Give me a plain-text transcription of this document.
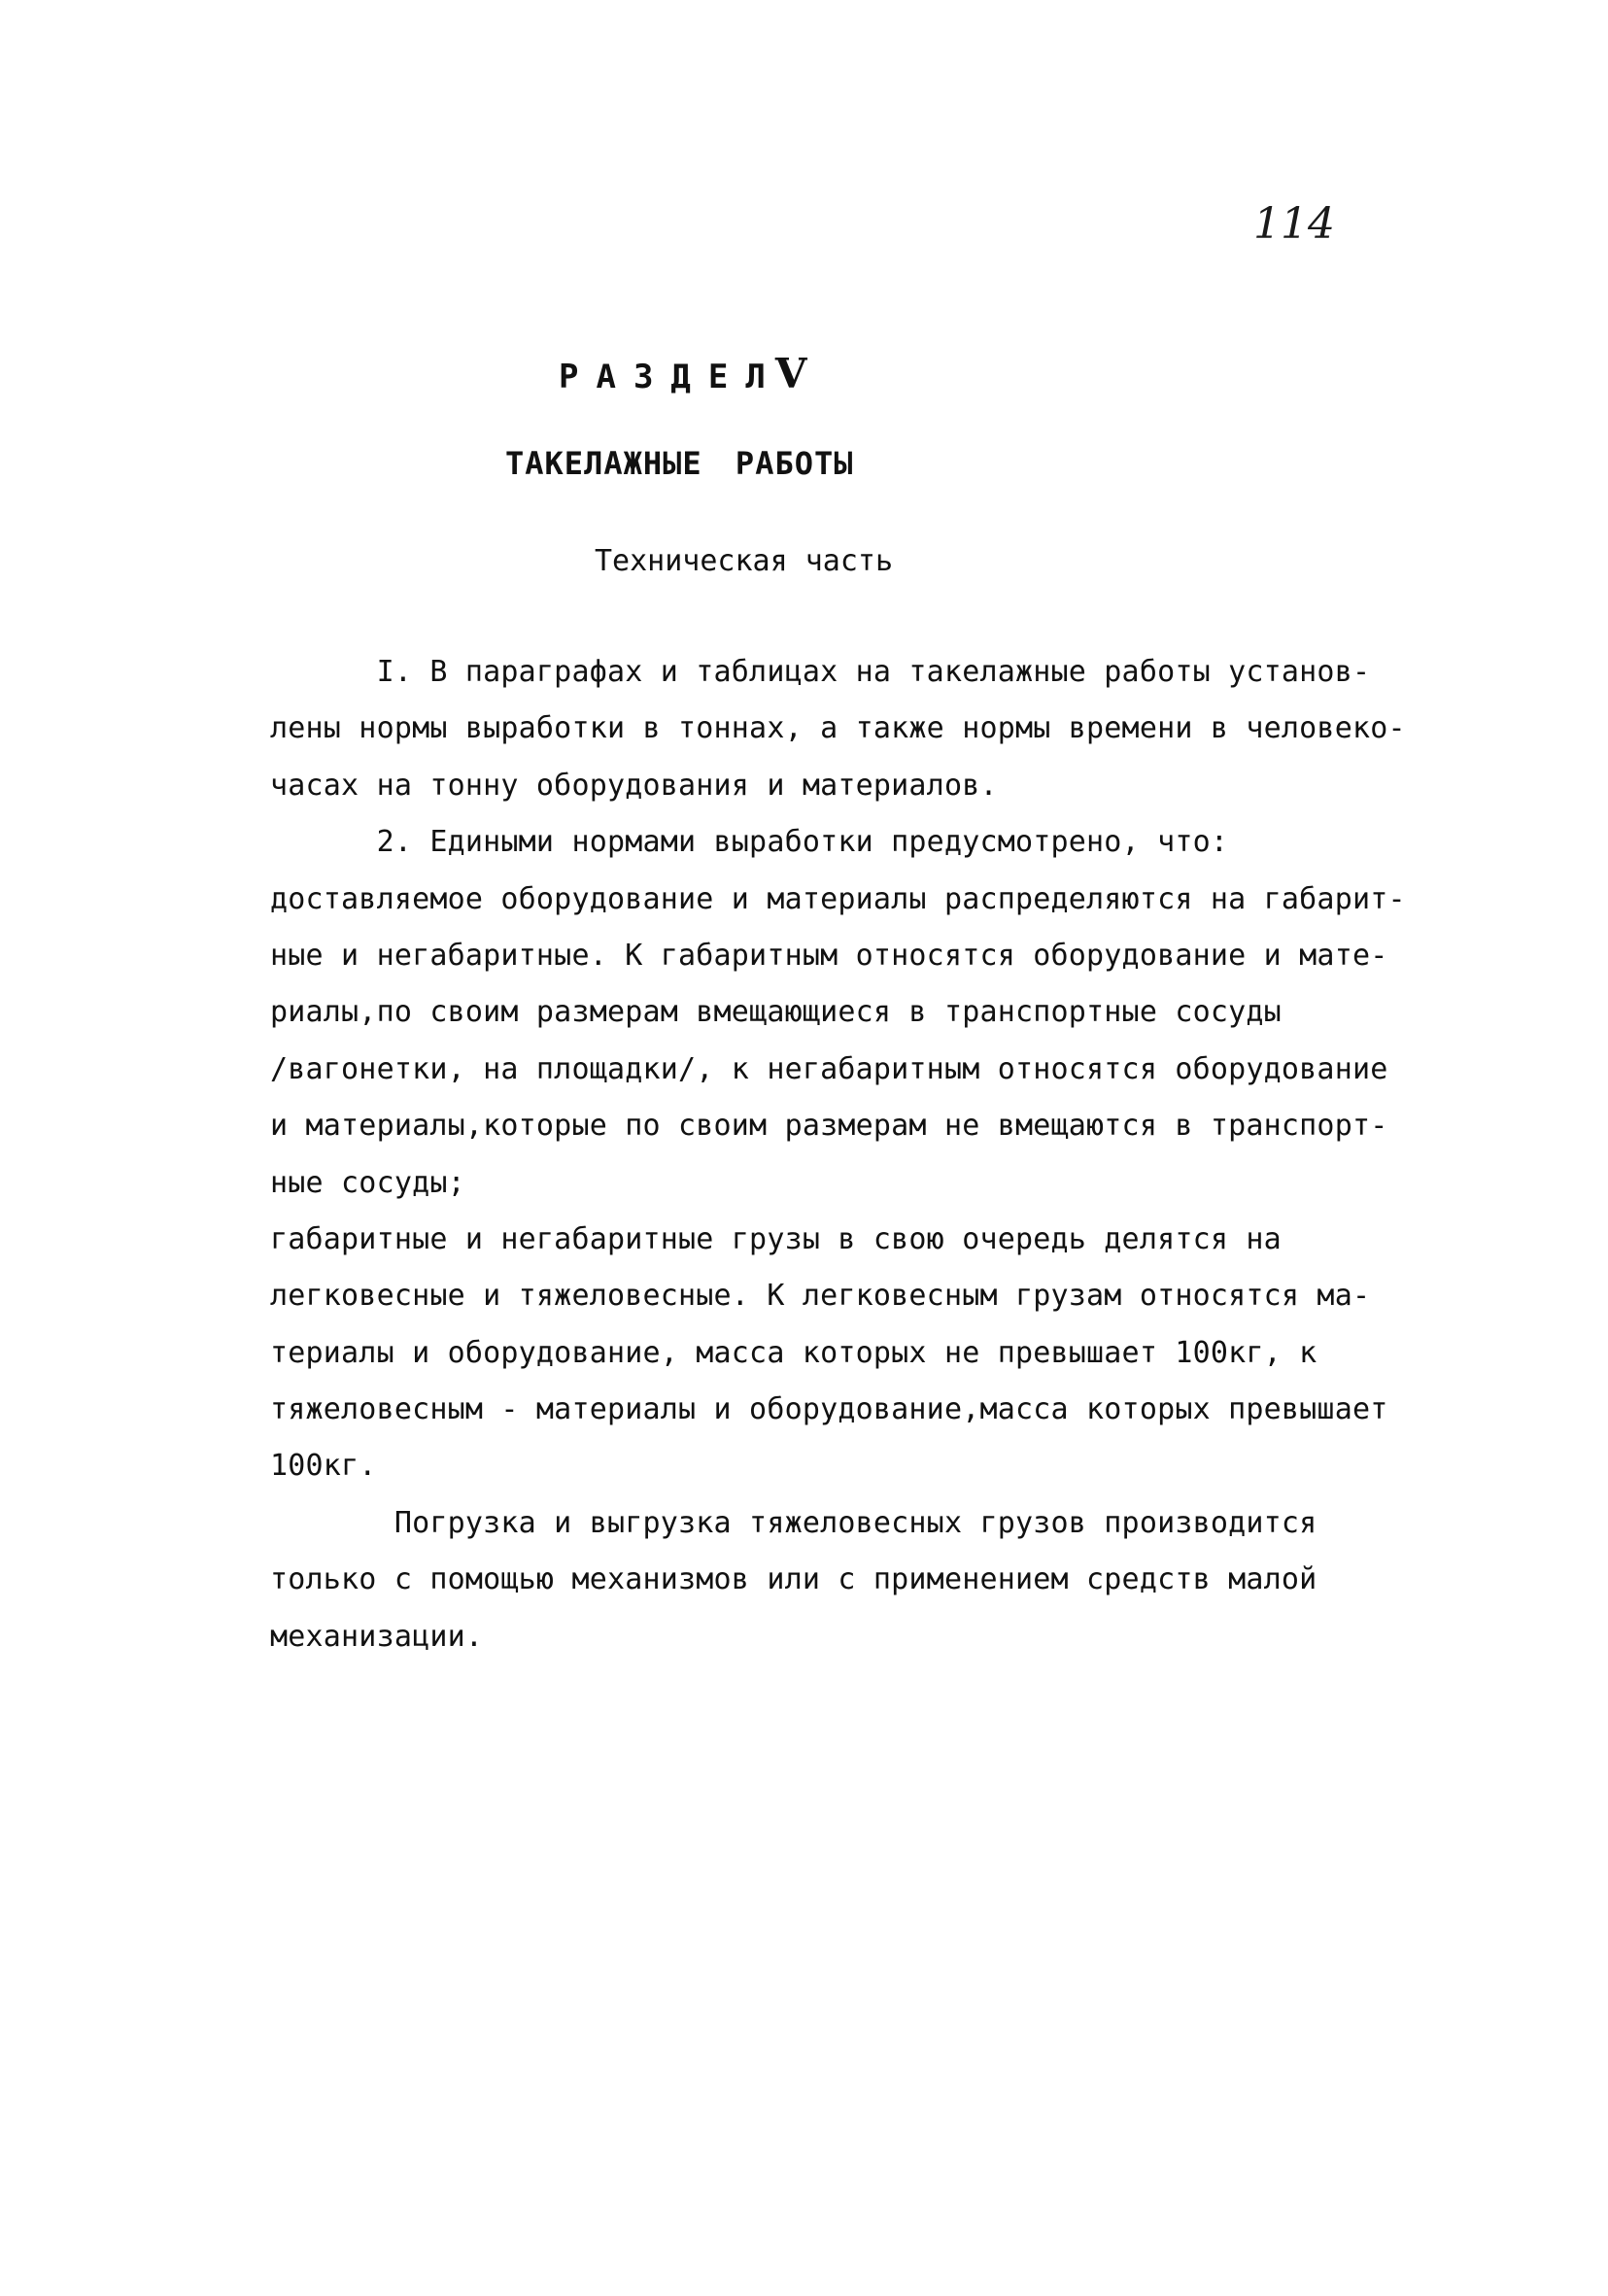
114
РАЗДЕЛV
ТАКЕЛАЖНЫЕ РАБОТЫ
Техническая часть
I. В параграфах и таблицах на такелажные работы установ-
лены нормы выработки в тоннах, а также нормы времени в человеко-
часах на тонну оборудования и материалов.
2. Едиными нормами выработки предусмотрено, что:
доставляемое оборудование и материалы распределяются на габарит-
ные и негабаритные. К габаритным относятся оборудование и мате-
риалы,по своим размерам вмещающиеся в транспортные сосуды
/вагонетки, на площадки/, к негабаритным относятся оборудование
и материалы,которые по своим размерам не вмещаются в транспорт-
ные сосуды;
габаритные и негабаритные грузы в свою очередь делятся на
легковесные и тяжеловесные. К легковесным грузам относятся ма-
териалы и оборудование, масса которых не превышает 100кг, к
тяжеловесным - материалы и оборудование,масса которых превышает
100кг.
Погрузка и выгрузка тяжеловесных грузов производится
только с помощью механизмов или с применением средств малой
механизации.
